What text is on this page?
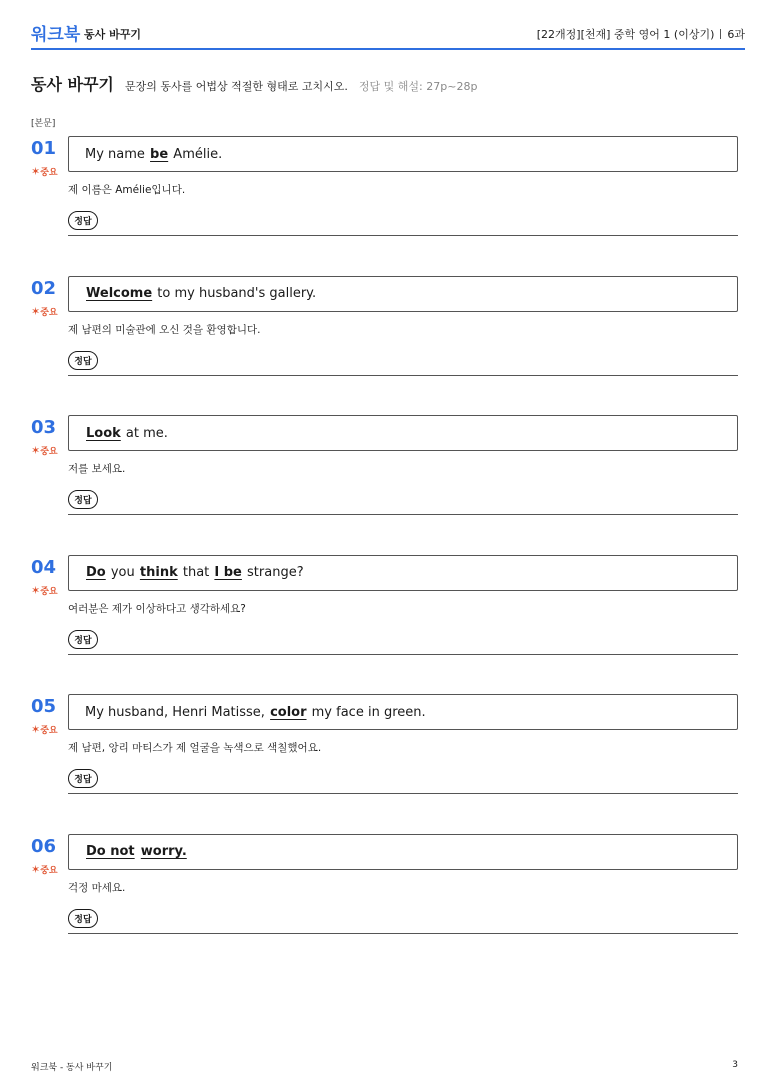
워크북 동사 바꾸기	[22개정][천재] 중학 영어 1 (이상기) 6과
동사 바꾸기 문장의 동사를 어법상 적절한 형태로 고치시오. 정답 및 해설: 27p~28p
[본문]
01
✶중요
My name be Amélie.
제 이름은 Amélie입니다.
정답
02
✶중요
Welcome to my husband's gallery.
제 남편의 미술관에 오신 것을 환영합니다.
정답
03
✶중요
Look at me.
저를 보세요.
정답
04
✶중요
Do you think that I be strange?
여러분은 제가 이상하다고 생각하세요?
정답
05
✶중요
My husband, Henri Matisse, color my face in green.
제 남편, 앙리 마티스가 제 얼굴을 녹색으로 색칠했어요.
정답
06
✶중요
Do not worry.
걱정 마세요.
정답
워크북 - 동사 바꾸기	3
